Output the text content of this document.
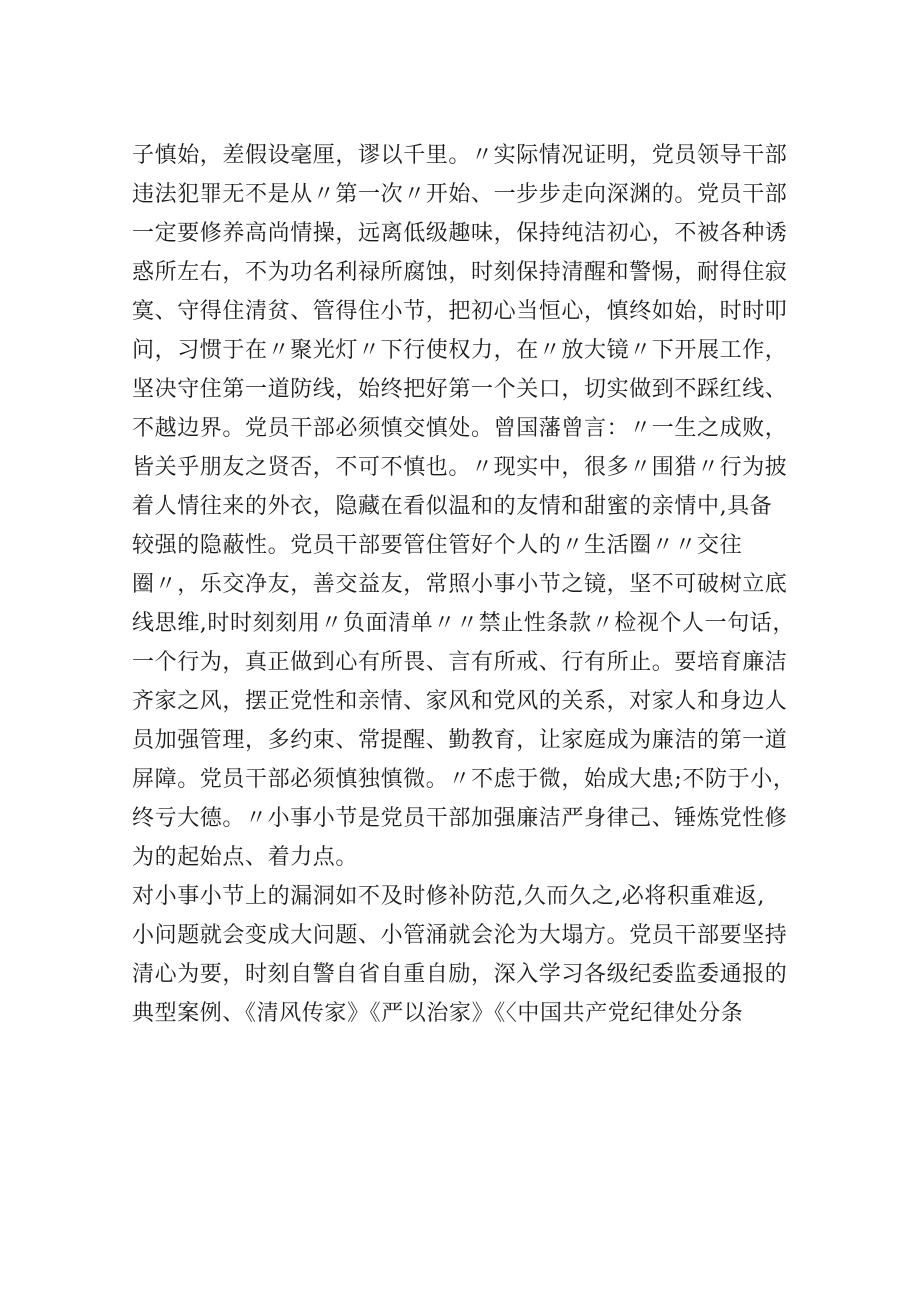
子慎始，差假设毫厘，谬以千里。〃实际情况证明，党员领导干部
违法犯罪无不是从〃第一次〃开始、一步步走向深渊的。党员干部
一定要修养高尚情操，远离低级趣味，保持纯洁初心，不被各种诱
惑所左右，不为功名利禄所腐蚀，时刻保持清醒和警惕，耐得住寂
寞、守得住清贫、管得住小节，把初心当恒心，慎终如始，时时叩
问，习惯于在〃聚光灯〃下行使权力，在〃放大镜〃下开展工作，
坚决守住第一道防线，始终把好第一个关口，切实做到不踩红线、
不越边界。党员干部必须慎交慎处。曾国藩曾言：〃一生之成败，
皆关乎朋友之贤否，不可不慎也。〃现实中，很多〃围猎〃行为披
着人情往来的外衣，隐藏在看似温和的友情和甜蜜的亲情中,具备
较强的隐蔽性。党员干部要管住管好个人的〃生活圈〃〃交往
圈〃，乐交净友，善交益友，常照小事小节之镜，坚不可破树立底
线思维,时时刻刻用〃负面清单〃〃禁止性条款〃检视个人一句话，
一个行为，真正做到心有所畏、言有所戒、行有所止。要培育廉洁
齐家之风，摆正党性和亲情、家风和党风的关系，对家人和身边人
员加强管理，多约束、常提醒、勤教育，让家庭成为廉洁的第一道
屏障。党员干部必须慎独慎微。〃不虑于微，始成大患;不防于小，
终亏大德。〃小事小节是党员干部加强廉洁严身律己、锤炼党性修
为的起始点、着力点。
对小事小节上的漏洞如不及时修补防范,久而久之,必将积重难返,
小问题就会变成大问题、小管涌就会沦为大塌方。党员干部要坚持
清心为要，时刻自警自省自重自励，深入学习各级纪委监委通报的
典型案例、《清风传家》《严以治家》《〈中国共产党纪律处分条
